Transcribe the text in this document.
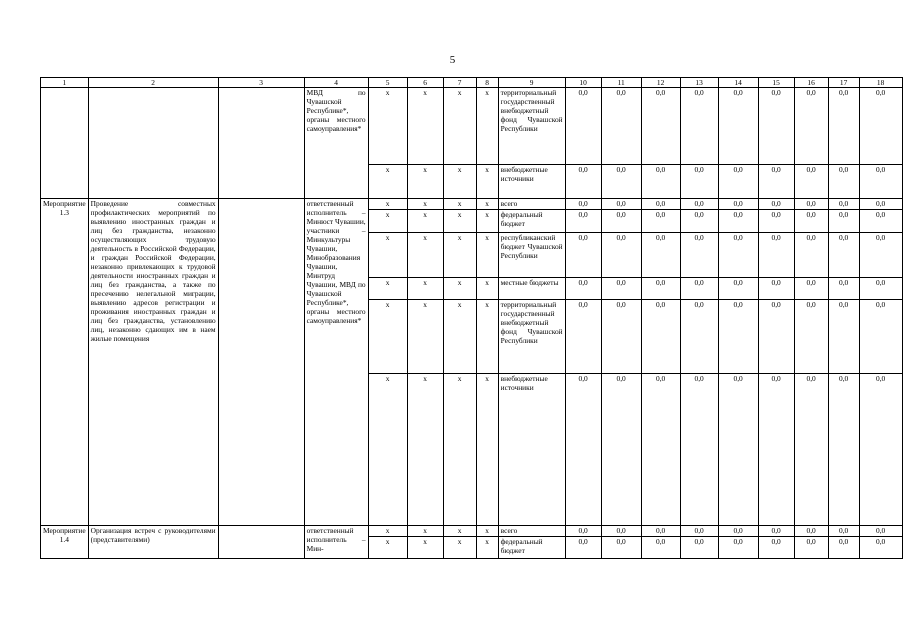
5
1	2	3	4	5	6	7	8	9	10	11	12	13	14	15	16	17	18
			МВД по Чувашской Республике*, органы местного самоуправления*	х	х	х	х	территориальный государственный внебюджетный фонд Чувашской Республики	0,0	0,0	0,0	0,0	0,0	0,0	0,0	0,0	0,0
				х	х	х	х	внебюджетные источники	0,0	0,0	0,0	0,0	0,0	0,0	0,0	0,0	0,0
Мероприятие 1.3	Проведение совместных профилактических мероприятий по выявлению иностранных граждан и лиц без гражданства, незаконно осуществляющих трудовую деятельность в Российской Федерации, и граждан Российской Федерации, незаконно привлекающих к трудовой деятельности иностранных граждан и лиц без гражданства, а также по пресечению нелегальной миграции, выявлению адресов регистрации и проживания иностранных граждан и лиц без гражданства, установлению лиц, незаконно сдающих им в наем жилые помещения		ответственный исполнитель – Минюст Чувашии, участники – Минкультуры Чувашии, Минобразования Чувашии, Минтруд Чувашии, МВД по Чувашской Республике*, органы местного самоуправления*	х	х	х	х	всего	0,0	0,0	0,0	0,0	0,0	0,0	0,0	0,0	0,0
				х	х	х	х	федеральный бюджет	0,0	0,0	0,0	0,0	0,0	0,0	0,0	0,0	0,0
				х	х	х	х	республиканский бюджет Чувашской Республики	0,0	0,0	0,0	0,0	0,0	0,0	0,0	0,0	0,0
				х	х	х	х	местные бюджеты	0,0	0,0	0,0	0,0	0,0	0,0	0,0	0,0	0,0
				х	х	х	х	территориальный государственный внебюджетный фонд Чувашской Республики	0,0	0,0	0,0	0,0	0,0	0,0	0,0	0,0	0,0
				х	х	х	х	внебюджетные источники	0,0	0,0	0,0	0,0	0,0	0,0	0,0	0,0	0,0
Мероприятие 1.4	Организация встреч с руководителями (представителями)		ответственный исполнитель – Мин-	х	х	х	х	всего	0,0	0,0	0,0	0,0	0,0	0,0	0,0	0,0	0,0
				х	х	х	х	федеральный бюджет	0,0	0,0	0,0	0,0	0,0	0,0	0,0	0,0	0,0
